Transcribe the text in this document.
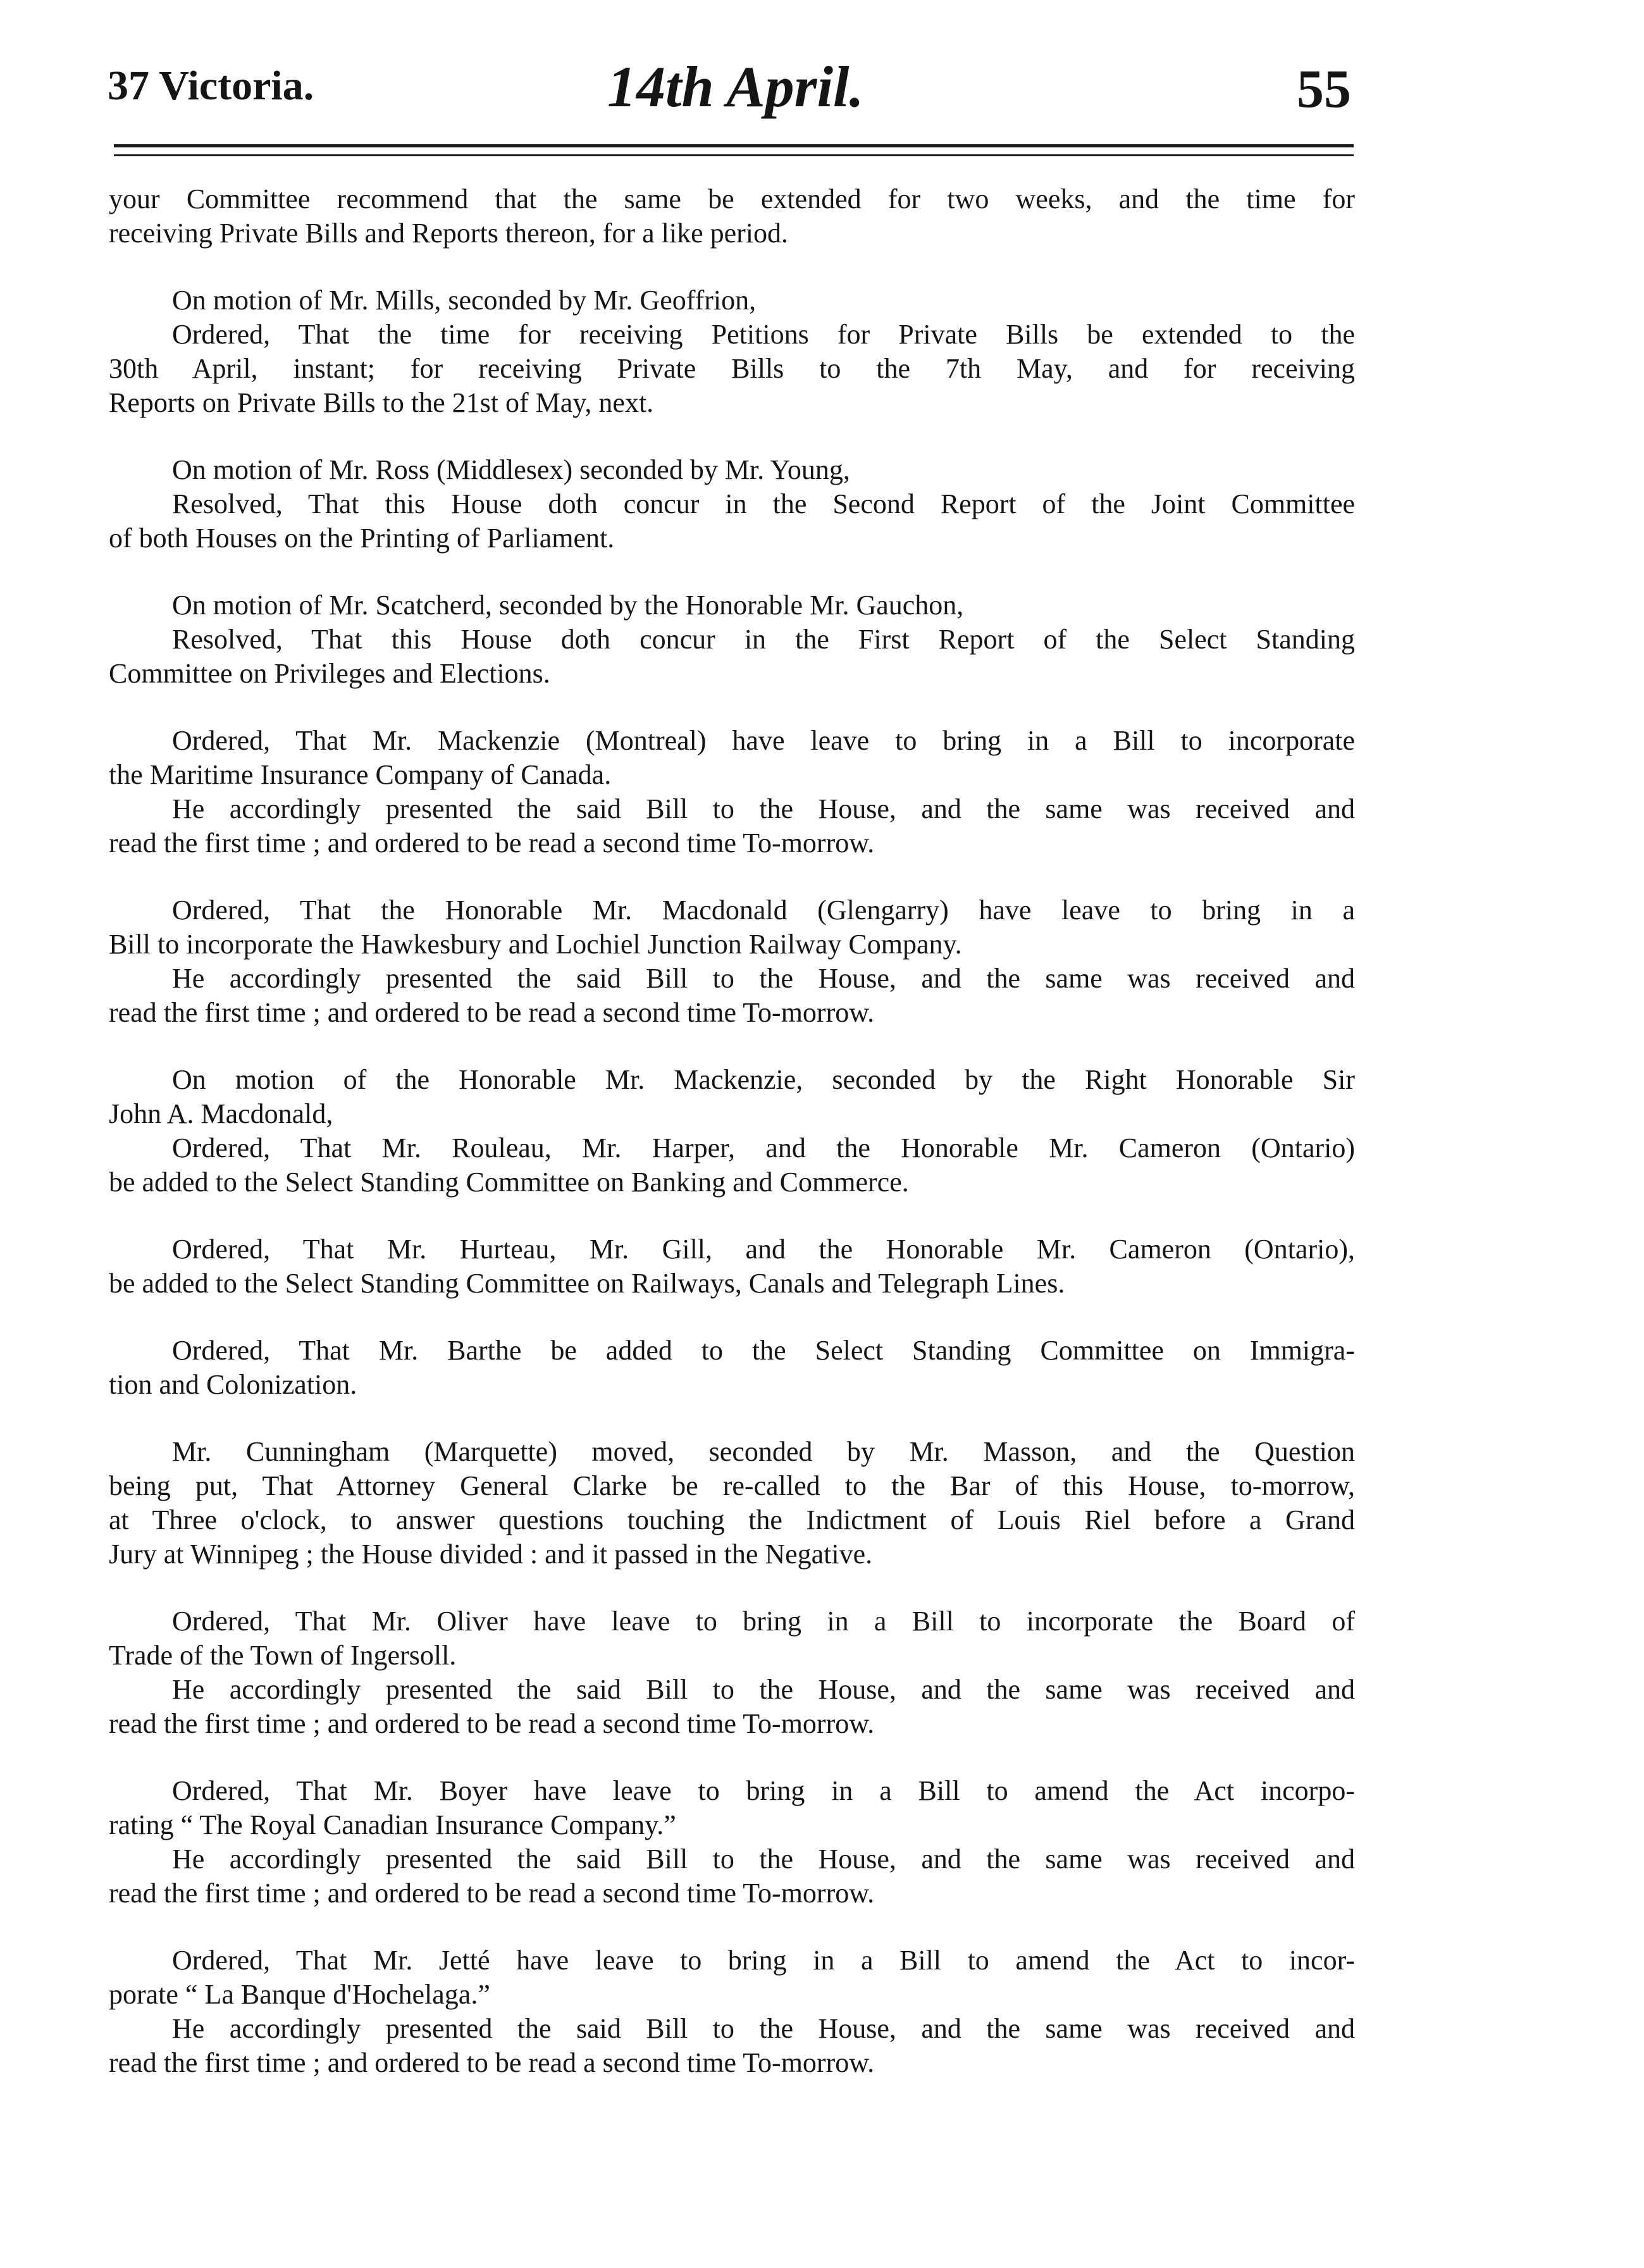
37 Victoria.	14th April.	55
your Committee recommend that the same be extended for two weeks, and the time for
receiving Private Bills and Reports thereon, for a like period.
On motion of Mr. Mills, seconded by Mr. Geoffrion,
Ordered, That the time for receiving Petitions for Private Bills be extended to the
30th April, instant; for receiving Private Bills to the 7th May, and for receiving
Reports on Private Bills to the 21st of May, next.
On motion of Mr. Ross (Middlesex) seconded by Mr. Young,
Resolved, That this House doth concur in the Second Report of the Joint Committee
of both Houses on the Printing of Parliament.
On motion of Mr. Scatcherd, seconded by the Honorable Mr. Gauchon,
Resolved, That this House doth concur in the First Report of the Select Standing
Committee on Privileges and Elections.
Ordered, That Mr. Mackenzie (Montreal) have leave to bring in a Bill to incorporate
the Maritime Insurance Company of Canada.
He accordingly presented the said Bill to the House, and the same was received and
read the first time ; and ordered to be read a second time To-morrow.
Ordered, That the Honorable Mr. Macdonald (Glengarry) have leave to bring in a
Bill to incorporate the Hawkesbury and Lochiel Junction Railway Company.
He accordingly presented the said Bill to the House, and the same was received and
read the first time ; and ordered to be read a second time To-morrow.
On motion of the Honorable Mr. Mackenzie, seconded by the Right Honorable Sir
John A. Macdonald,
Ordered, That Mr. Rouleau, Mr. Harper, and the Honorable Mr. Cameron (Ontario)
be added to the Select Standing Committee on Banking and Commerce.
Ordered, That Mr. Hurteau, Mr. Gill, and the Honorable Mr. Cameron (Ontario),
be added to the Select Standing Committee on Railways, Canals and Telegraph Lines.
Ordered, That Mr. Barthe be added to the Select Standing Committee on Immigra-
tion and Colonization.
Mr. Cunningham (Marquette) moved, seconded by Mr. Masson, and the Question
being put, That Attorney General Clarke be re-called to the Bar of this House, to-morrow,
at Three o'clock, to answer questions touching the Indictment of Louis Riel before a Grand
Jury at Winnipeg ; the House divided : and it passed in the Negative.
Ordered, That Mr. Oliver have leave to bring in a Bill to incorporate the Board of
Trade of the Town of Ingersoll.
He accordingly presented the said Bill to the House, and the same was received and
read the first time ; and ordered to be read a second time To-morrow.
Ordered, That Mr. Boyer have leave to bring in a Bill to amend the Act incorpo-
rating “ The Royal Canadian Insurance Company.”
He accordingly presented the said Bill to the House, and the same was received and
read the first time ; and ordered to be read a second time To-morrow.
Ordered, That Mr. Jetté have leave to bring in a Bill to amend the Act to incor-
porate “ La Banque d'Hochelaga.”
He accordingly presented the said Bill to the House, and the same was received and
read the first time ; and ordered to be read a second time To-morrow.
